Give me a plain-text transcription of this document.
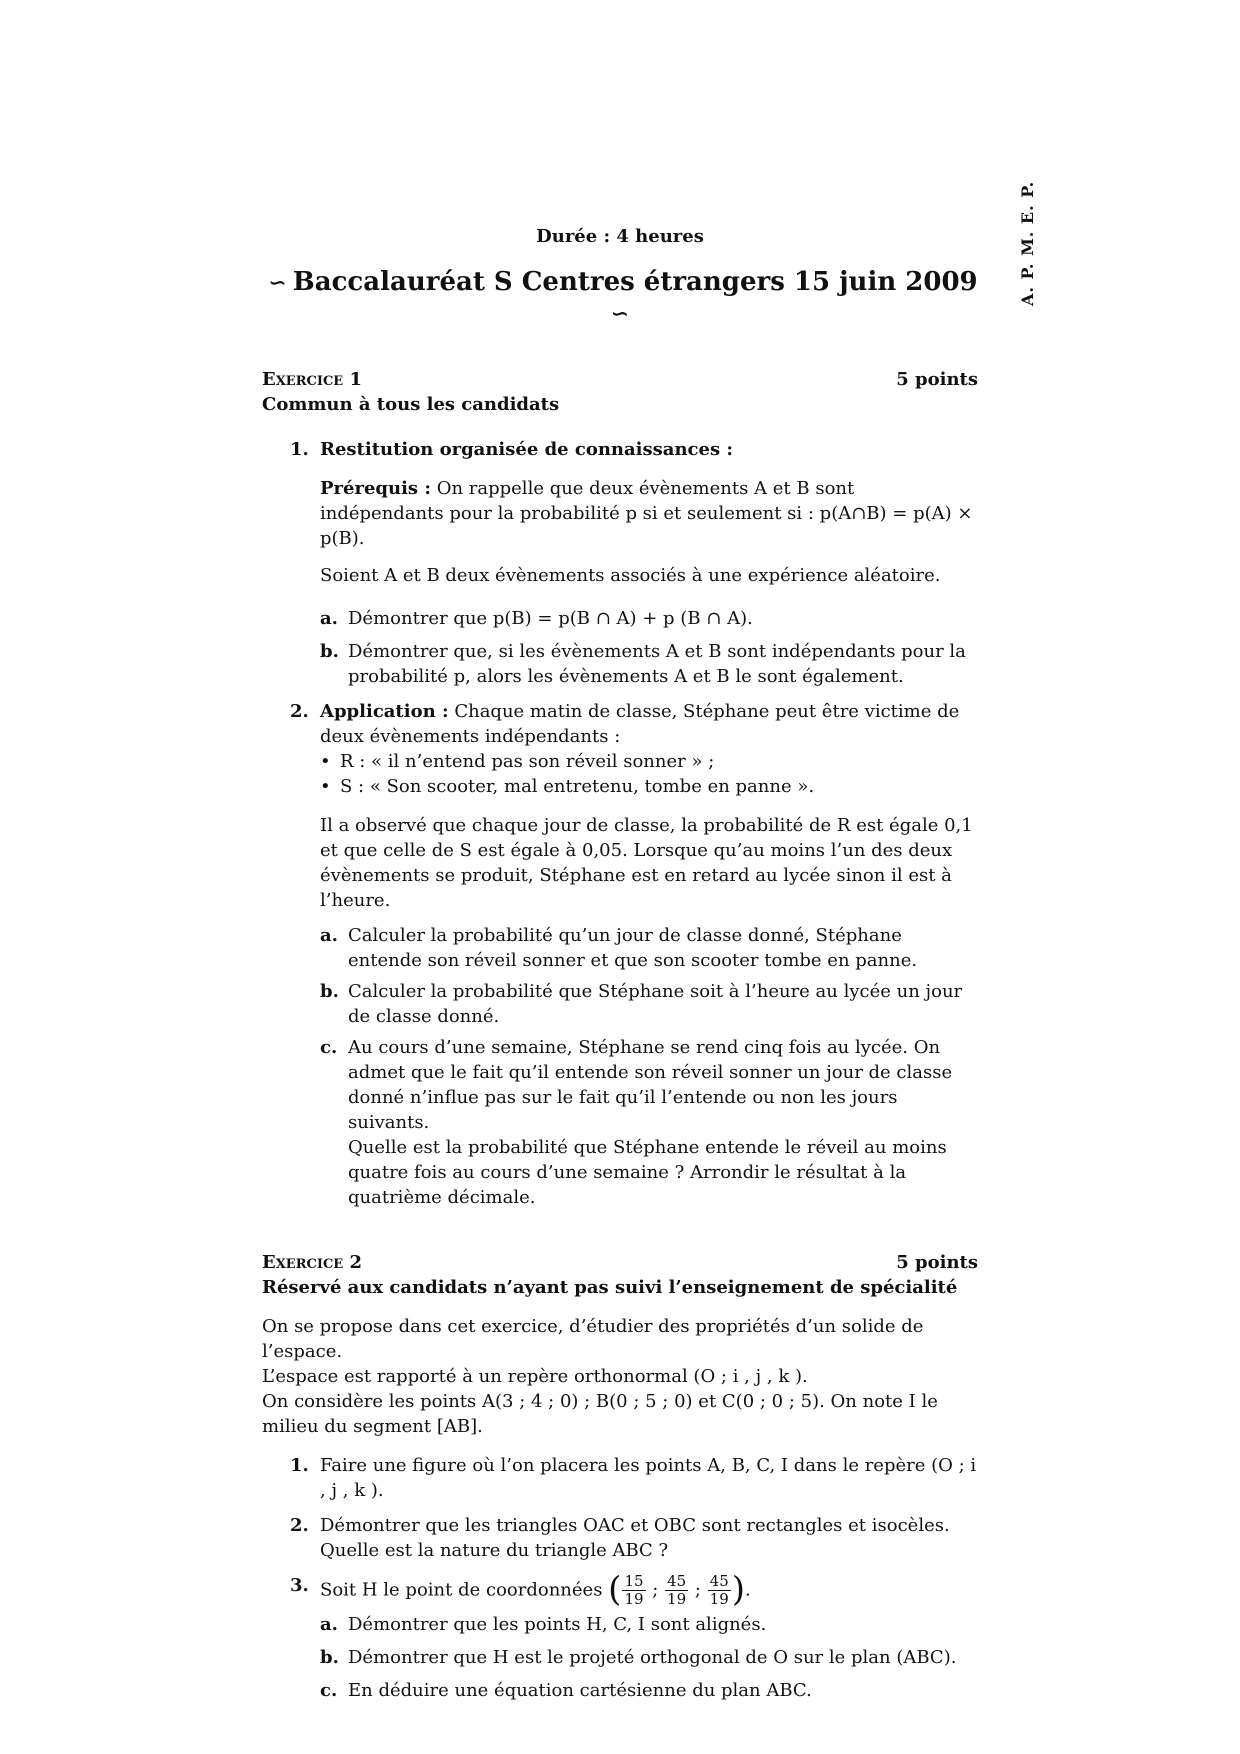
A. P. M. E. P.
Durée : 4 heures
∽ Baccalauréat S Centres étrangers 15 juin 2009∽
Exercice 1	5 points
Commun à tous les candidats
1. Restitution organisée de connaissances :
Prérequis : On rappelle que deux évènements A et B sont indépendants pour la probabilité p si et seulement si : p(A∩B) = p(A) × p(B).
Soient A et B deux évènements associés à une expérience aléatoire.
a. Démontrer que p(B) = p(B ∩ A) + p (B ∩ A).
b. Démontrer que, si les évènements A et B sont indépendants pour la probabilité p, alors les évènements A et B le sont également.
2. Application : Chaque matin de classe, Stéphane peut être victime de deux évènements indépendants :
• R : « il n’entend pas son réveil sonner » ;
• S : « Son scooter, mal entretenu, tombe en panne ».
Il a observé que chaque jour de classe, la probabilité de R est égale 0,1 et que celle de S est égale à 0,05. Lorsque qu’au moins l’un des deux évènements se produit, Stéphane est en retard au lycée sinon il est à l’heure.
a. Calculer la probabilité qu’un jour de classe donné, Stéphane entende son réveil sonner et que son scooter tombe en panne.
b. Calculer la probabilité que Stéphane soit à l’heure au lycée un jour de classe donné.
c. Au cours d’une semaine, Stéphane se rend cinq fois au lycée. On admet que le fait qu’il entende son réveil sonner un jour de classe donné n’influe pas sur le fait qu’il l’entende ou non les jours suivants.

Quelle est la probabilité que Stéphane entende le réveil au moins quatre fois au cours d’une semaine ? Arrondir le résultat à la quatrième décimale.

Exercice 2	5 points
Réservé aux candidats n’ayant pas suivi l’enseignement de spécialité

On se propose dans cet exercice, d’étudier des propriétés d’un solide de l’espace.

L’espace est rapporté à un repère orthonormal (O ; i , j , k ).

On considère les points A(3 ; 4 ; 0) ; B(0 ; 5 ; 0) et C(0 ; 0 ; 5). On note I le milieu du segment [AB].

1. Faire une figure où l’on placera les points A, B, C, I dans le repère (O ; i , j , k ).
2. Démontrer que les triangles OAC et OBC sont rectangles et isocèles.

Quelle est la nature du triangle ABC ?

3. Soit H le point de coordonnées ( $\frac{15}{19}$ ; $\frac{45}{19}$ ; $\frac{45}{19}$ ).
a. Démontrer que les points H, C, I sont alignés.
b. Démontrer que H est le projeté orthogonal de O sur le plan (ABC).
c. En déduire une équation cartésienne du plan ABC.
